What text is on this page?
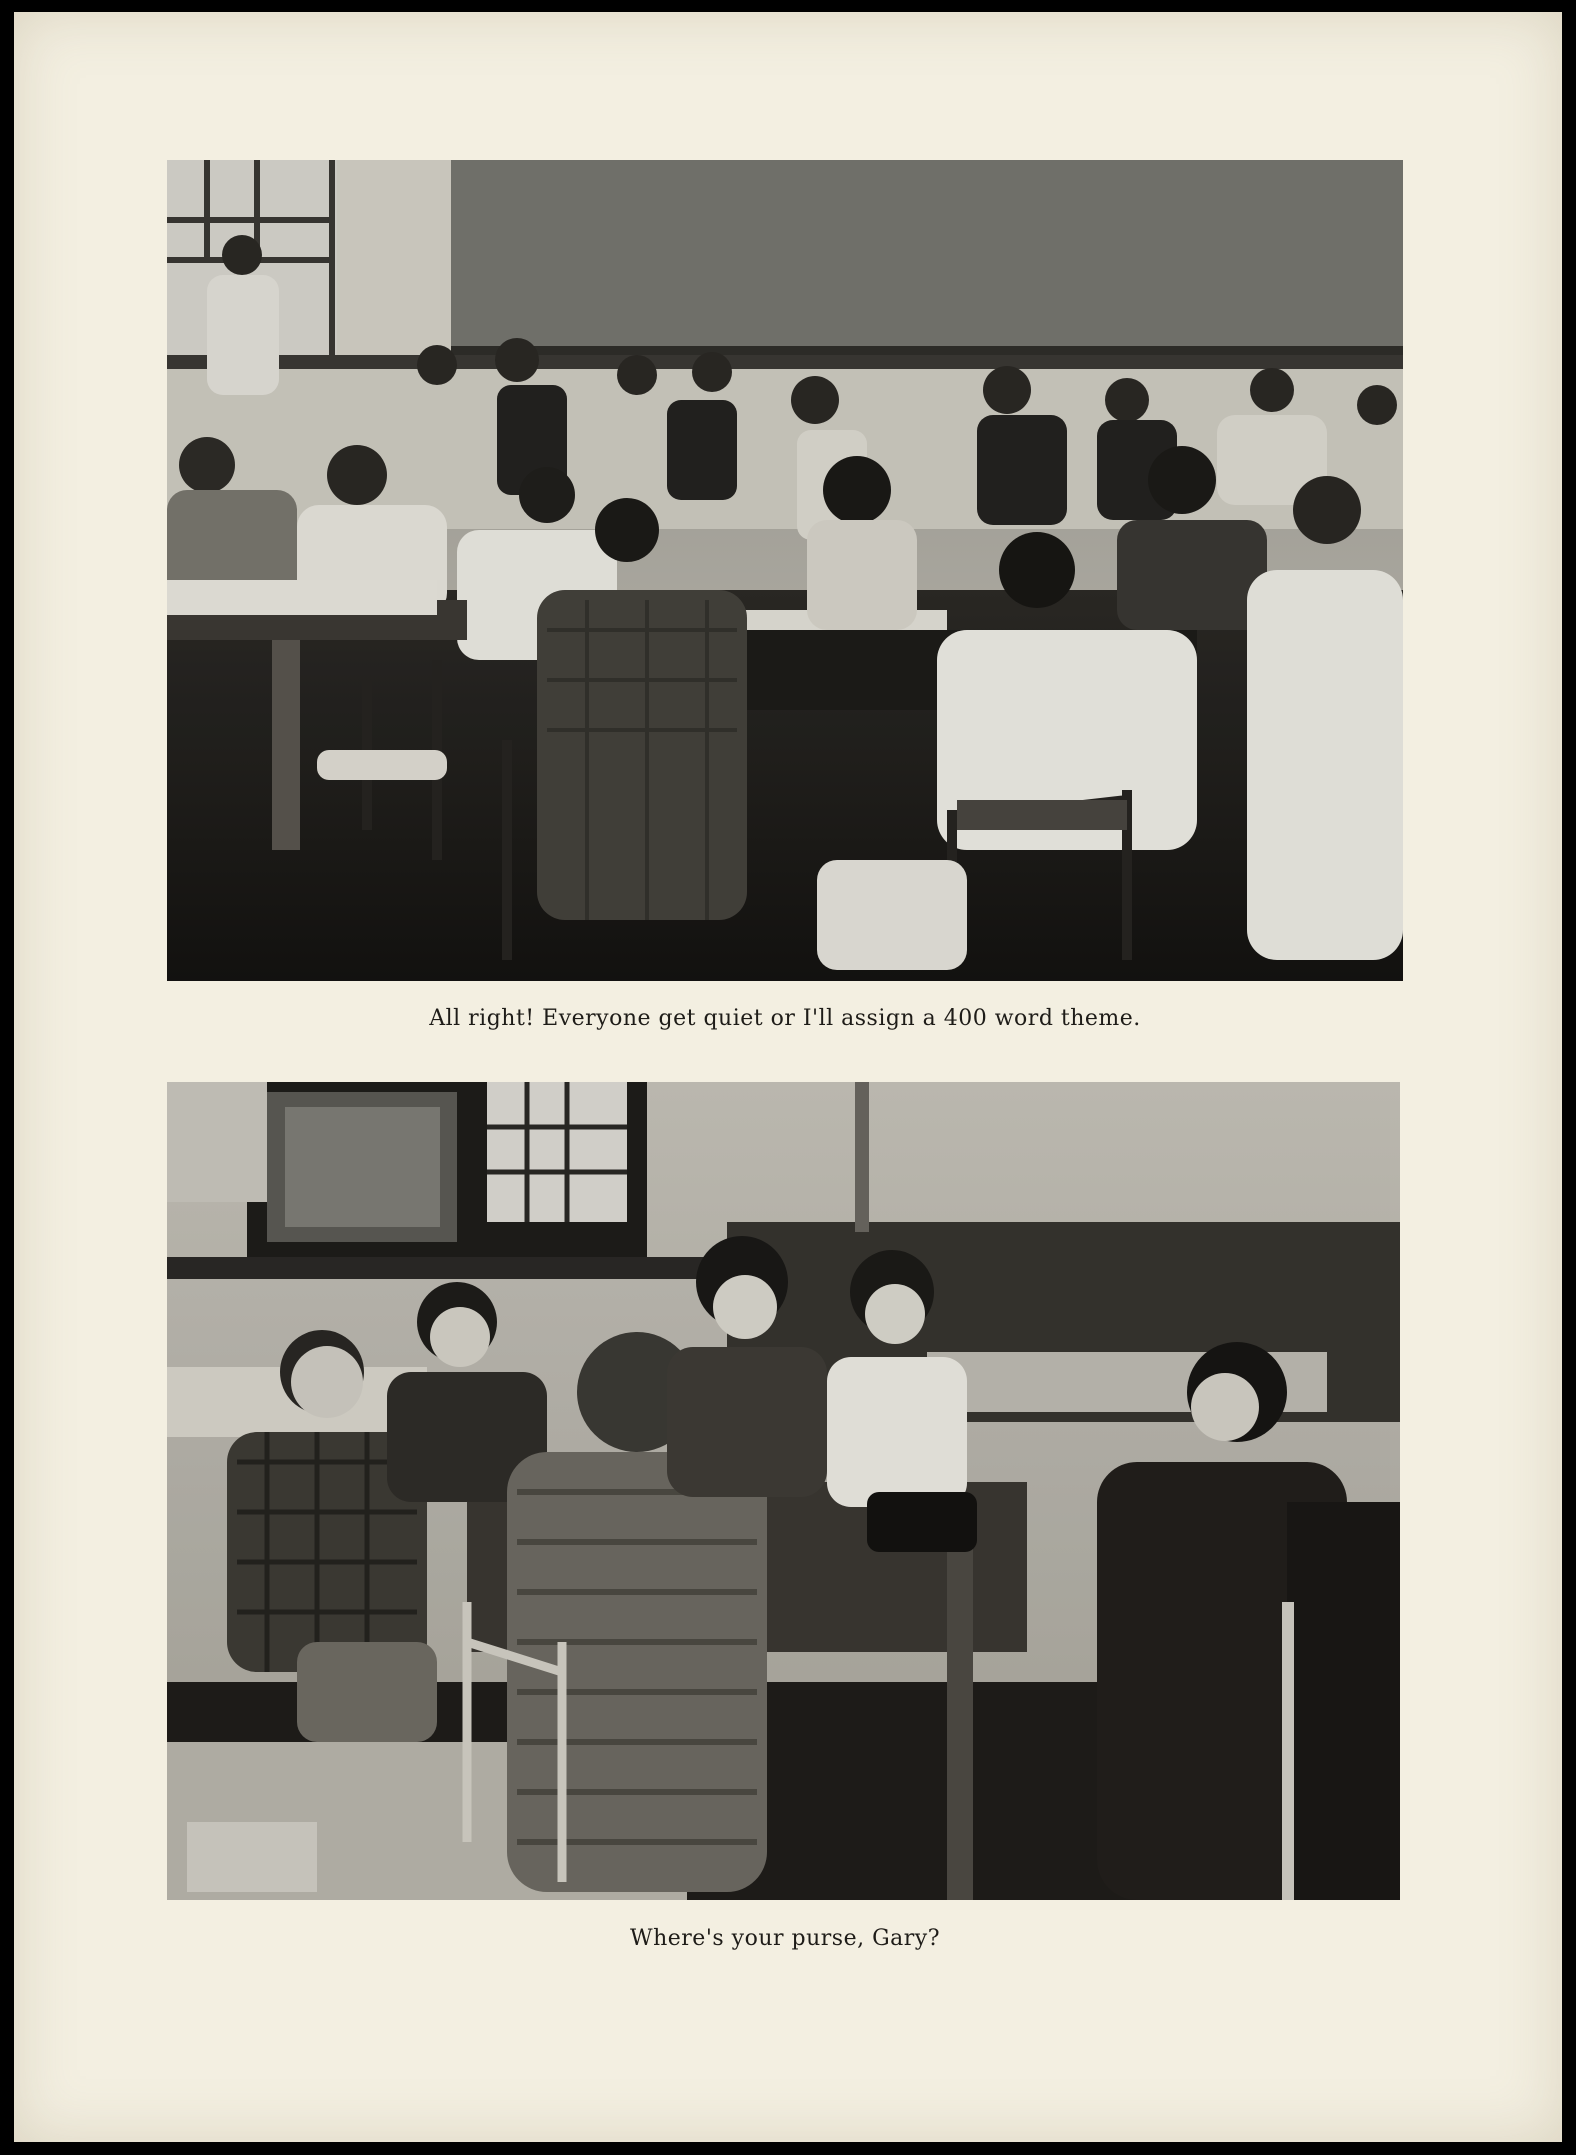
All right! Everyone get quiet or I'll assign a 400 word theme.
Where's your purse, Gary?
